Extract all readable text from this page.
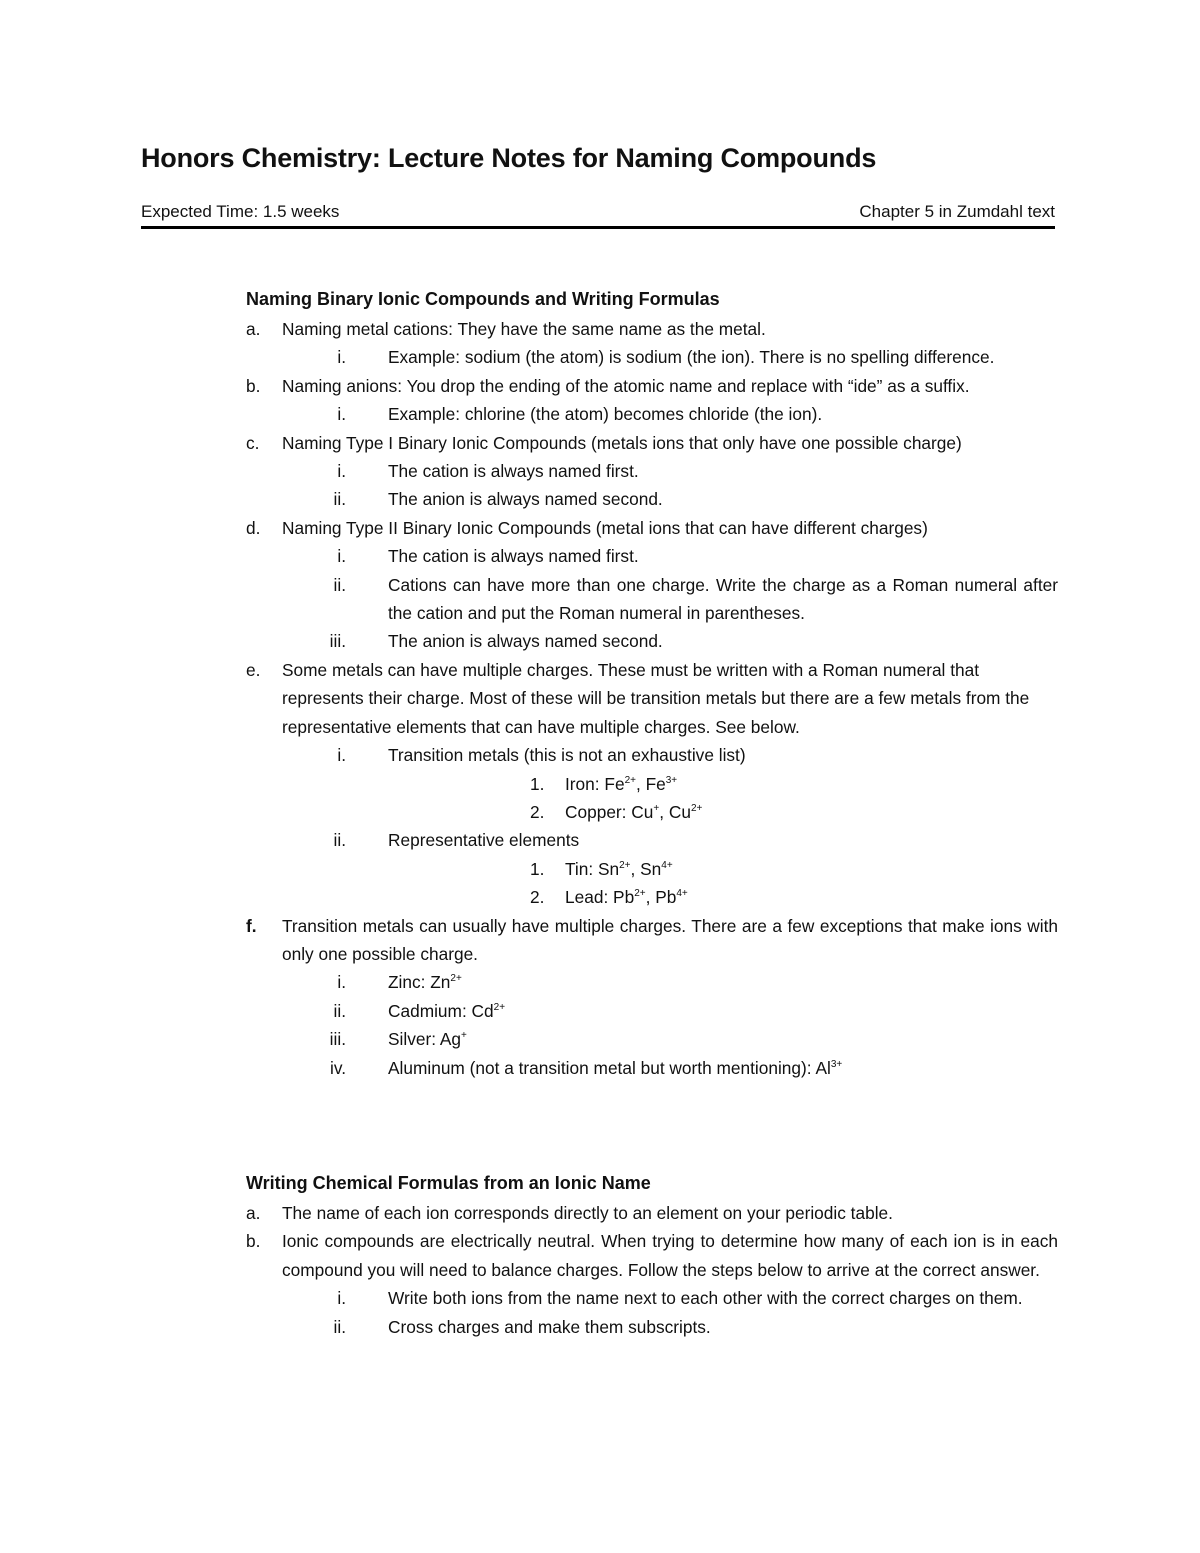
Honors Chemistry: Lecture Notes for Naming Compounds
Expected Time: 1.5 weeks	Chapter 5 in Zumdahl text
Naming Binary Ionic Compounds and Writing Formulas
a. Naming metal cations: They have the same name as the metal.
i. Example: sodium (the atom) is sodium (the ion). There is no spelling difference.
b. Naming anions: You drop the ending of the atomic name and replace with “ide” as a suffix.
i. Example: chlorine (the atom) becomes chloride (the ion).
c. Naming Type I Binary Ionic Compounds (metals ions that only have one possible charge)
i. The cation is always named first.
ii. The anion is always named second.
d. Naming Type II Binary Ionic Compounds (metal ions that can have different charges)
i. The cation is always named first.
ii. Cations can have more than one charge. Write the charge as a Roman numeral after the cation and put the Roman numeral in parentheses.
iii. The anion is always named second.
e. Some metals can have multiple charges. These must be written with a Roman numeral that represents their charge. Most of these will be transition metals but there are a few metals from the representative elements that can have multiple charges. See below.
i. Transition metals (this is not an exhaustive list)
1. Iron: $Fe^{2+}$, $Fe^{3+}$
2. Copper: Cu+, $Cu^{2+}$
ii. Representative elements
1. Tin: $Sn^{2+}$, $Sn^{4+}$
2. Lead: $Pb^{2+}$, $Pb^{4+}$
f. Transition metals can usually have multiple charges. There are a few exceptions that make ions with only one possible charge.
i. Zinc: $Zn^{2+}$
ii. Cadmium: $Cd^{2+}$
iii. Silver: Ag+
iv. Aluminum (not a transition metal but worth mentioning): $Al^{3+}$
Writing Chemical Formulas from an Ionic Name
a. The name of each ion corresponds directly to an element on your periodic table.
b. Ionic compounds are electrically neutral. When trying to determine how many of each ion is in each compound you will need to balance charges. Follow the steps below to arrive at the correct answer.
i. Write both ions from the name next to each other with the correct charges on them.
ii. Cross charges and make them subscripts.
